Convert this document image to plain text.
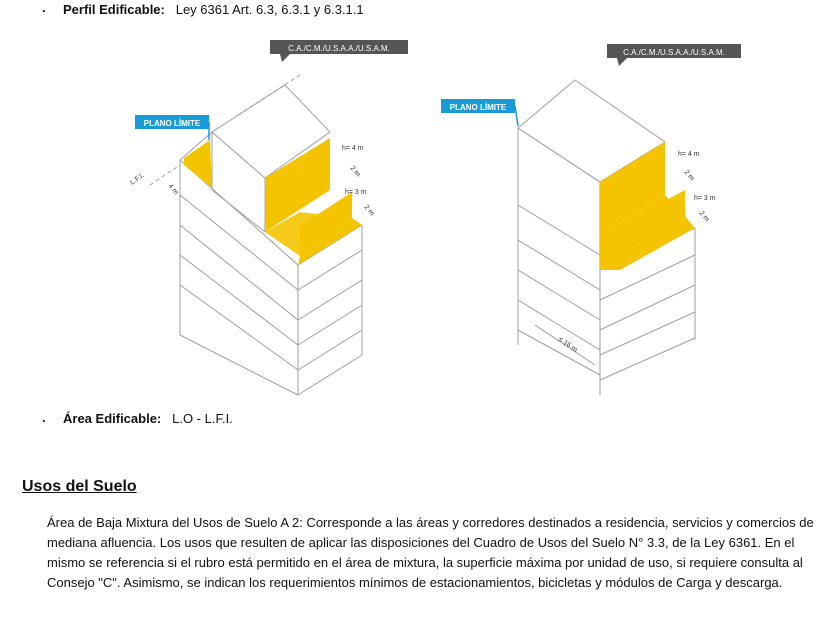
. Perfil Edificable: Ley 6361 Art. 6.3, 6.3.1 y 6.3.1.1
C.A./C.M./U.S.A.A./U.S.A.M.
PLANO LÍMITE
L.F.I.
4 m
h= 4 m
2 m
h= 3 m
2 m
C.A./C.M./U.S.A.A./U.S.A.M.
PLANO LÍMITE
h= 4 m
2 m
h= 3 m
2 m
≤ 16 m
. Área Edificable: L.O - L.F.I.
Usos del Suelo
Área de Baja Mixtura del Usos de Suelo A 2: Corresponde a las áreas y corredores destinados a residencia, servicios y comercios de mediana afluencia. Los usos que resulten de aplicar las disposiciones del Cuadro de Usos del Suelo N° 3.3, de la Ley 6361. En el mismo se referencia si el rubro está permitido en el área de mixtura, la superficie máxima por unidad de uso, si requiere consulta al Consejo "C". Asimismo, se indican los requerimientos mínimos de estacionamientos, bicicletas y módulos de Carga y descarga.
